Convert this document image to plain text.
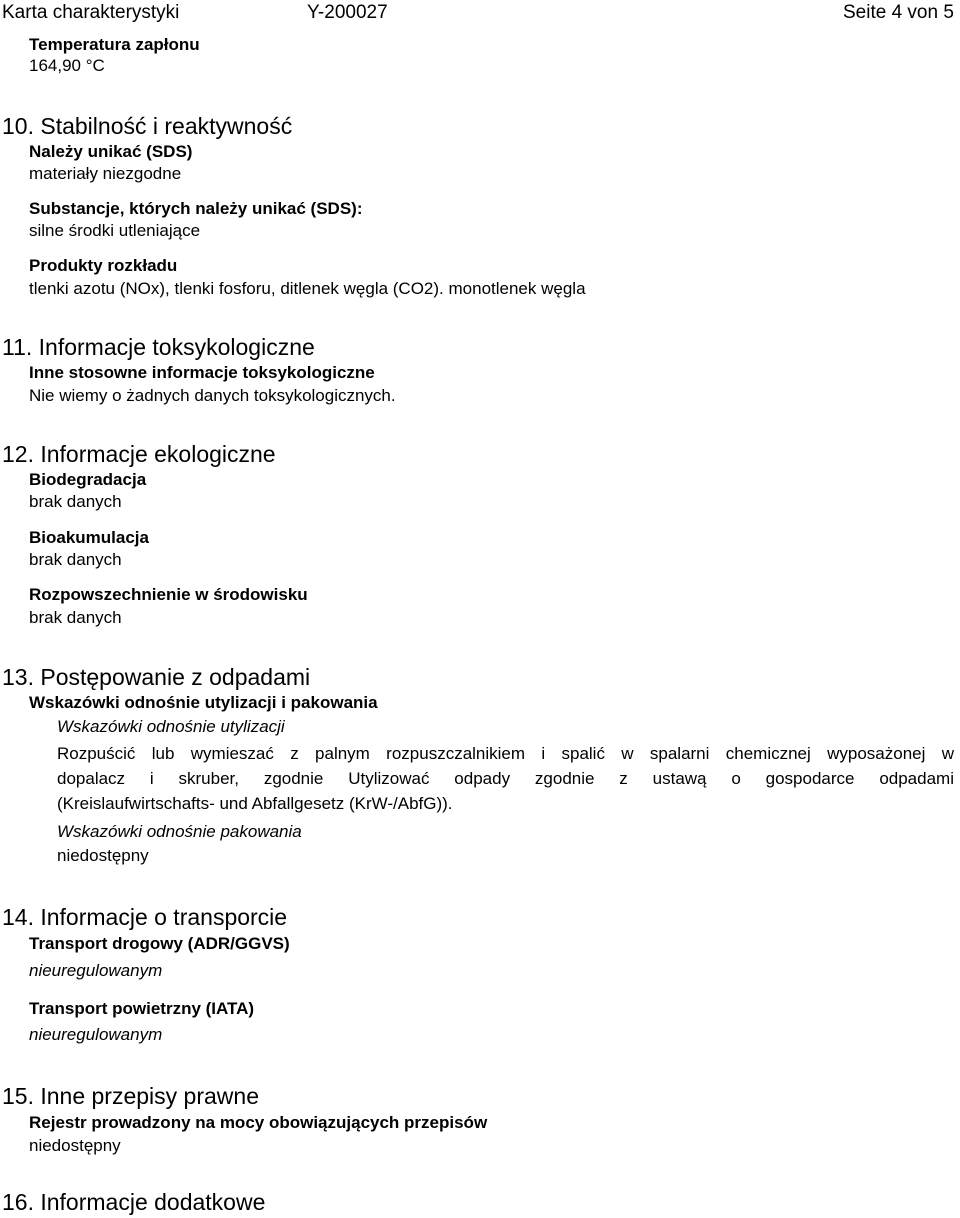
Karta charakterystyki	Y-200027	Seite 4 von 5
Temperatura zapłonu
164,90 °C
10. Stabilność i reaktywność
Należy unikać (SDS)
materiały niezgodne
Substancje, których należy unikać (SDS):
silne środki utleniające
Produkty rozkładu
tlenki azotu (NOx), tlenki fosforu, ditlenek węgla (CO2). monotlenek węgla
11. Informacje toksykologiczne
Inne stosowne informacje toksykologiczne
Nie wiemy o żadnych danych toksykologicznych.
12. Informacje ekologiczne
Biodegradacja
brak danych
Bioakumulacja
brak danych
Rozpowszechnienie w środowisku
brak danych
13. Postępowanie z odpadami
Wskazówki odnośnie utylizacji i pakowania
Wskazówki odnośnie utylizacji
Rozpuścić lub wymieszać z palnym rozpuszczalnikiem i spalić w spalarni chemicznej wyposażonej w
dopalacz i skruber, zgodnie Utylizować odpady zgodnie z ustawą o gospodarce odpadami
(Kreislaufwirtschafts- und Abfallgesetz (KrW-/AbfG)).
Wskazówki odnośnie pakowania
niedostępny
14. Informacje o transporcie
Transport drogowy (ADR/GGVS)
nieuregulowanym
Transport powietrzny (IATA)
nieuregulowanym
15. Inne przepisy prawne
Rejestr prowadzony na mocy obowiązujących przepisów
niedostępny
16. Informacje dodatkowe
